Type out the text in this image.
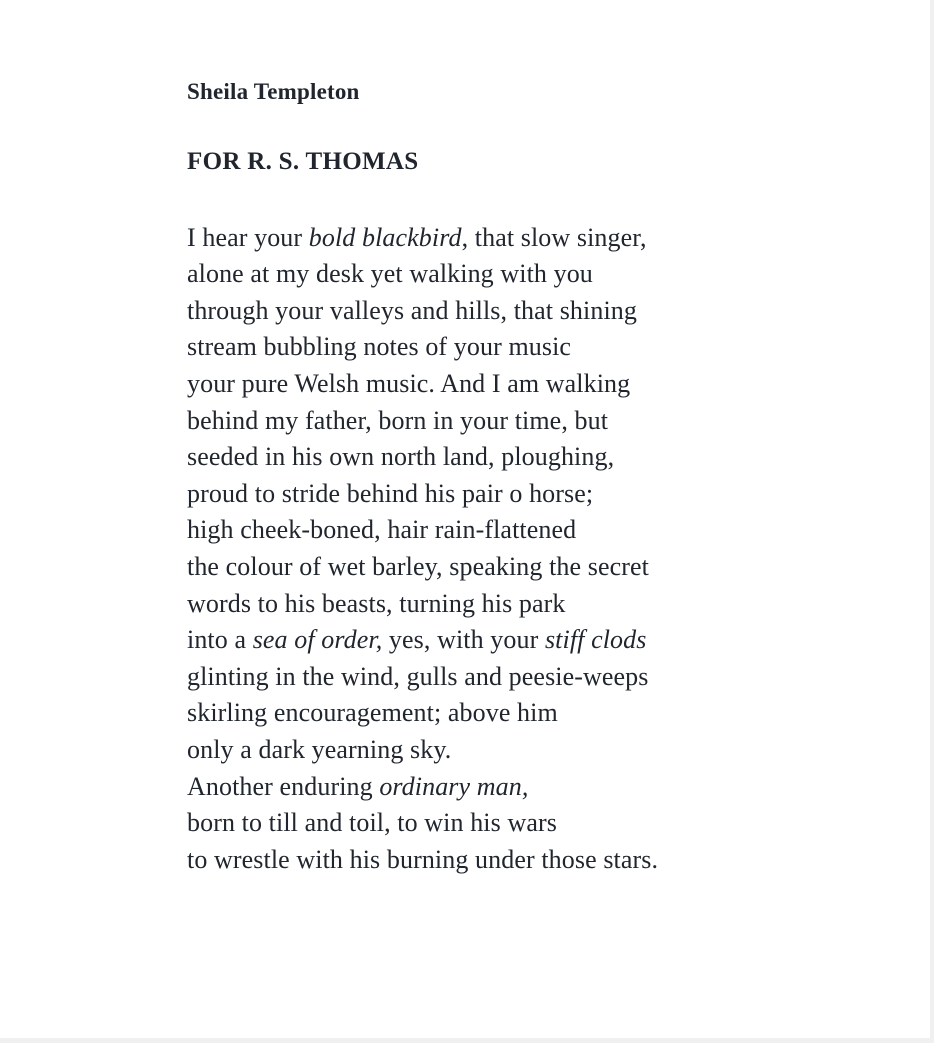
Sheila Templeton
FOR R. S. THOMAS
I hear your bold blackbird, that slow singer,
alone at my desk yet walking with you
through your valleys and hills, that shining
stream bubbling notes of your music
your pure Welsh music. And I am walking
behind my father, born in your time, but
seeded in his own north land, ploughing,
proud to stride behind his pair o horse;
high cheek-boned, hair rain-flattened
the colour of wet barley, speaking the secret
words to his beasts, turning his park
into a sea of order, yes, with your stiff clods
glinting in the wind, gulls and peesie-weeps
skirling encouragement; above him
only a dark yearning sky.
Another enduring ordinary man,
born to till and toil, to win his wars
to wrestle with his burning under those stars.
